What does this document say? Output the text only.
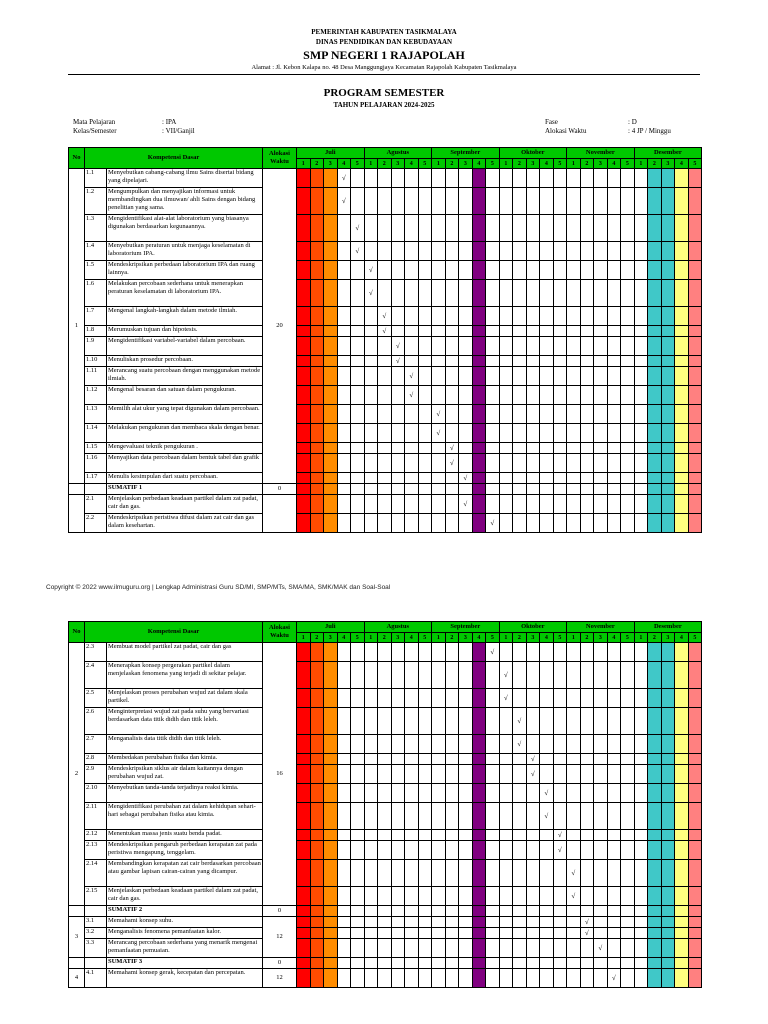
PEMERINTAH KABUPATEN TASIKMALAYA
DINAS PENDIDIKAN DAN KEBUDAYAAN
SMP NEGERI 1 RAJAPOLAH
Alamat : Jl. Kebon Kalapa no. 48 Desa Manggungjaya Kecamatan Rajapolah Kabupaten Tasikmalaya
PROGRAM SEMESTER
TAHUN PELAJARAN 2024-2025
Mata Pelajaran	: IPA
Kelas/Semester	: VII/Ganjil
Fase	: D
Alokasi Waktu	: 4 JP / Minggu
No	Kompetensi Dasar		Alokasi Waktu	Juli					Agustus					September					Oktober					November					Desember				
				1	2	3	4	5	1	2	3	4	5	1	2	3	4	5	1	2	3	4	5	1	2	3	4	5	1	2	3	4	5
1	1.1	Menyebutkan cabang-cabang ilmu Sains disertai bidang yang dipelajari.	20				√																										
	1.2	Mengumpulkan dan menyajikan informasi untuk membandingkan dua ilmuwan/ ahli Sains dengan bidang penelitian yang sama.					√																										
	1.3	Mengidentifikasi alat-alat laboratorium yang biasanya digunakan berdasarkan kegunaannya.						√																									
	1.4	Menyebutkan peraturan untuk menjaga keselamatan di laboratorium IPA.						√																									
	1.5	Mendeskripsikan perbedaan laboratorium IPA dan ruang lainnya.							√																								
	1.6	Melakukan percobaan sederhana untuk menerapkan peraturan keselamatan di laboratorium IPA.							√																								
	1.7	Mengenal langkah-langkah dalam metode ilmiah.								√																							
	1.8	Merumuskan tujuan dan hipotesis.								√																							
	1.9	Mengidentifikasi variabel-variabel dalam percobaan.									√																						
	1.10	Menuliskan prosedur percobaan.									√																						
	1.11	Merancang suatu percobaan dengan menggunakan metode ilmiah.										√																					
	1.12	Mengenal besaran dan satuan dalam pengukuran.										√																					
	1.13	Memilih alat ukur yang tepat digunakan dalam percobaan.												√																			
	1.14	Melakukan pengukuran dan membaca skala dengan benar.												√																			
	1.15	Mengevaluasi teknik pengukuran .													√																		
	1.16	Menyajikan data percobaan dalam bentuk tabel dan grafik													√																		
	1.17	Menulis kesimpulan dari suatu percobaan.														√																	
		SUMATIF 1	0																														
	2.1	Menjelaskan perbedaan keadaan partikel dalam zat padat, cair dan gas.														√																	
	2.2	Mendeskripsikan peristiwa difusi dalam zat cair dan gas dalam kesehartan.																√															
Copyright © 2022 www.ilmuguru.org | Lengkap Administrasi Guru SD/MI, SMP/MTs, SMA/MA, SMK/MAK dan Soal-Soal
No	Kompetensi Dasar		Alokasi Waktu	Juli					Agustus					September					Oktober					November					Desember				
				1	2	3	4	5	1	2	3	4	5	1	2	3	4	5	1	2	3	4	5	1	2	3	4	5	1	2	3	4	5
2	2.3	Membuat model partikel zat padat, cair dan gas	16															√															
	2.4	Menerapkan konsep pergerakan partikel dalam menjelaskan fenomena yang terjadi di sekitar pelajar.																	√														
	2.5	Menjelaskan proses perubahan wujud zat dalam skala partikel.																	√														
	2.6	Menginterpretasi wujud zat pada suhu yang bervariasi berdasarkan data titik didih dan titik leleh.																		√													
	2.7	Menganalisis data titik didih dan titik leleh.																		√													
	2.8	Membedakan perubahan fisika dan kimia.																			√												
	2.9	Mendeskripsikan siklus air dalam kaitannya dengan perubahan wujud zat.																			√												
	2.10	Menyebutkan tanda-tanda terjadinya reaksi kimia.																				√											
	2.11	Mengidentifikasi perubahan zat dalam kehidupan sehari-hari sebagai perubahan fisika atau kimia.																				√											
	2.12	Menentukan massa jenis suatu benda padat.																					√										
	2.13	Mendeskripsikan pengaruh perbedaan kerapatan zat pada peristiwa mengapung, tenggelam.																					√										
	2.14	Membandingkan kerapatan zat cair berdasarkan percobaan atau gambar lapisan cairan-cairan yang dicampur.																						√									
	2.15	Menjelaskan perbedaan keadaan partikel dalam zat padat, cair dan gas.																						√									
		SUMATIF 2	0																														
3	3.1	Memahami konsep suhu.	12																						√								
	3.2	Menganalisis fenomena pemanfaatan kalor.																							√								
	3.3	Merancang percobaan sederhana yang menarik mengenai pemanfaatan pemuaian.																								√							
		SUMATIF 3	0																														
4	4.1	Memahami konsep gerak, kecepatan dan percepatan.	12																								√						
